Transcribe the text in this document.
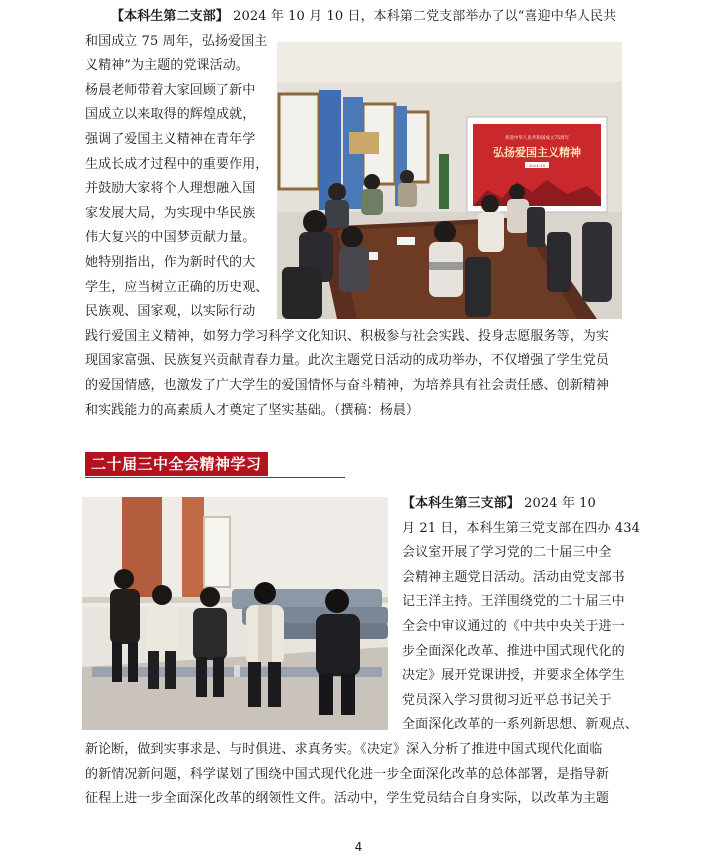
【本科生第二支部】 2024 年 10 月 10 日，本科第二党支部举办了以“喜迎中华人民共
和国成立 75 周年，弘扬爱国主
义精神”为主题的党课活动。
杨晨老师带着大家回顾了新中
国成立以来取得的辉煌成就，
强调了爱国主义精神在青年学
生成长成才过程中的重要作用，
并鼓励大家将个人理想融入国
家发展大局，为实现中华民族
伟大复兴的中国梦贡献力量。
她特别指出，作为新时代的大
学生，应当树立正确的历史观、
民族观、国家观，以实际行动
践行爱国主义精神，如努力学习科学文化知识、积极参与社会实践、投身志愿服务等，为实
现国家富强、民族复兴贡献青春力量。此次主题党日活动的成功举办，不仅增强了学生党员
的爱国情感，也激发了广大学生的爱国情怀与奋斗精神，为培养具有社会责任感、创新精神
和实践能力的高素质人才奠定了坚实基础。（撰稿：杨晨）
喜迎中华人民共和国成立75周年
弘扬爱国主义精神
2024.10
二十届三中全会精神学习
【本科生第三支部】 2024 年 10
月 21 日，本科生第三党支部在四办 434
会议室开展了学习党的二十届三中全
会精神主题党日活动。活动由党支部书
记王洋主持。王洋围绕党的二十届三中
全会中审议通过的《中共中央关于进一
步全面深化改革、推进中国式现代化的
决定》展开党课讲授，并要求全体学生
党员深入学习贯彻习近平总书记关于
全面深化改革的一系列新思想、新观点、
新论断，做到实事求是、与时俱进、求真务实。《决定》深入分析了推进中国式现代化面临
的新情况新问题，科学谋划了围绕中国式现代化进一步全面深化改革的总体部署，是指导新
征程上进一步全面深化改革的纲领性文件。活动中，学生党员结合自身实际，以改革为主题
4
